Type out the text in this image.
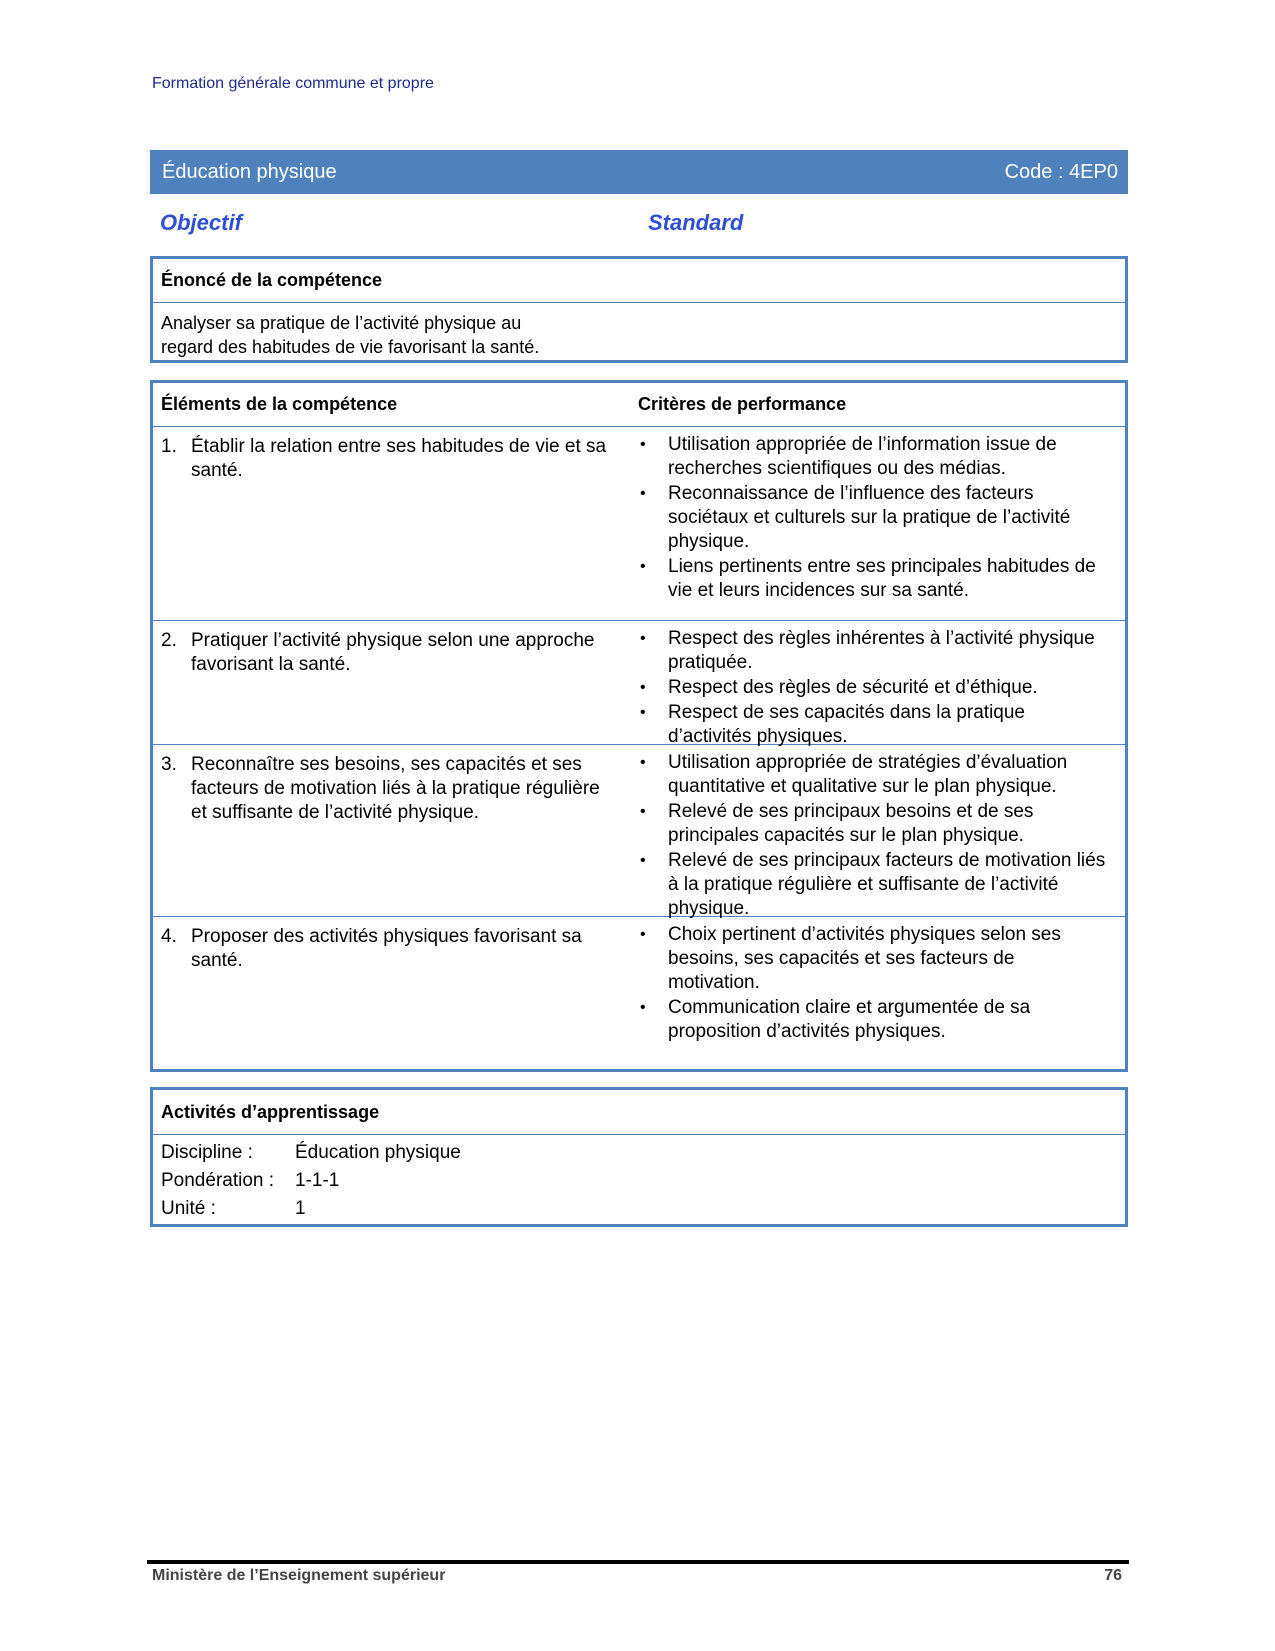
Formation générale commune et propre
Éducation physique	Code : 4EP0
Objectif	Standard
Énoncé de la compétence
Analyser sa pratique de l’activité physique au regard des habitudes de vie favorisant la santé.
Éléments de la compétence	Critères de performance
1. Établir la relation entre ses habitudes de vie et sa santé.
•	Utilisation appropriée de l’information issue de recherches scientifiques ou des médias.
•	Reconnaissance de l’influence des facteurs sociétaux et culturels sur la pratique de l’activité physique.
•	Liens pertinents entre ses principales habitudes de vie et leurs incidences sur sa santé.
2. Pratiquer l’activité physique selon une approche favorisant la santé.
•	Respect des règles inhérentes à l’activité physique pratiquée.
•	Respect des règles de sécurité et d’éthique.
•	Respect de ses capacités dans la pratique d’activités physiques.
3. Reconnaître ses besoins, ses capacités et ses facteurs de motivation liés à la pratique régulière et suffisante de l’activité physique.
•	Utilisation appropriée de stratégies d’évaluation quantitative et qualitative sur le plan physique.
•	Relevé de ses principaux besoins et de ses principales capacités sur le plan physique.
•	Relevé de ses principaux facteurs de motivation liés à la pratique régulière et suffisante de l’activité physique.
4. Proposer des activités physiques favorisant sa santé.
•	Choix pertinent d’activités physiques selon ses besoins, ses capacités et ses facteurs de motivation.
•	Communication claire et argumentée de sa proposition d’activités physiques.
Activités d’apprentissage
Discipline :	Éducation physique
Pondération :	1-1-1
Unité :	1
Ministère de l’Enseignement supérieur	76
